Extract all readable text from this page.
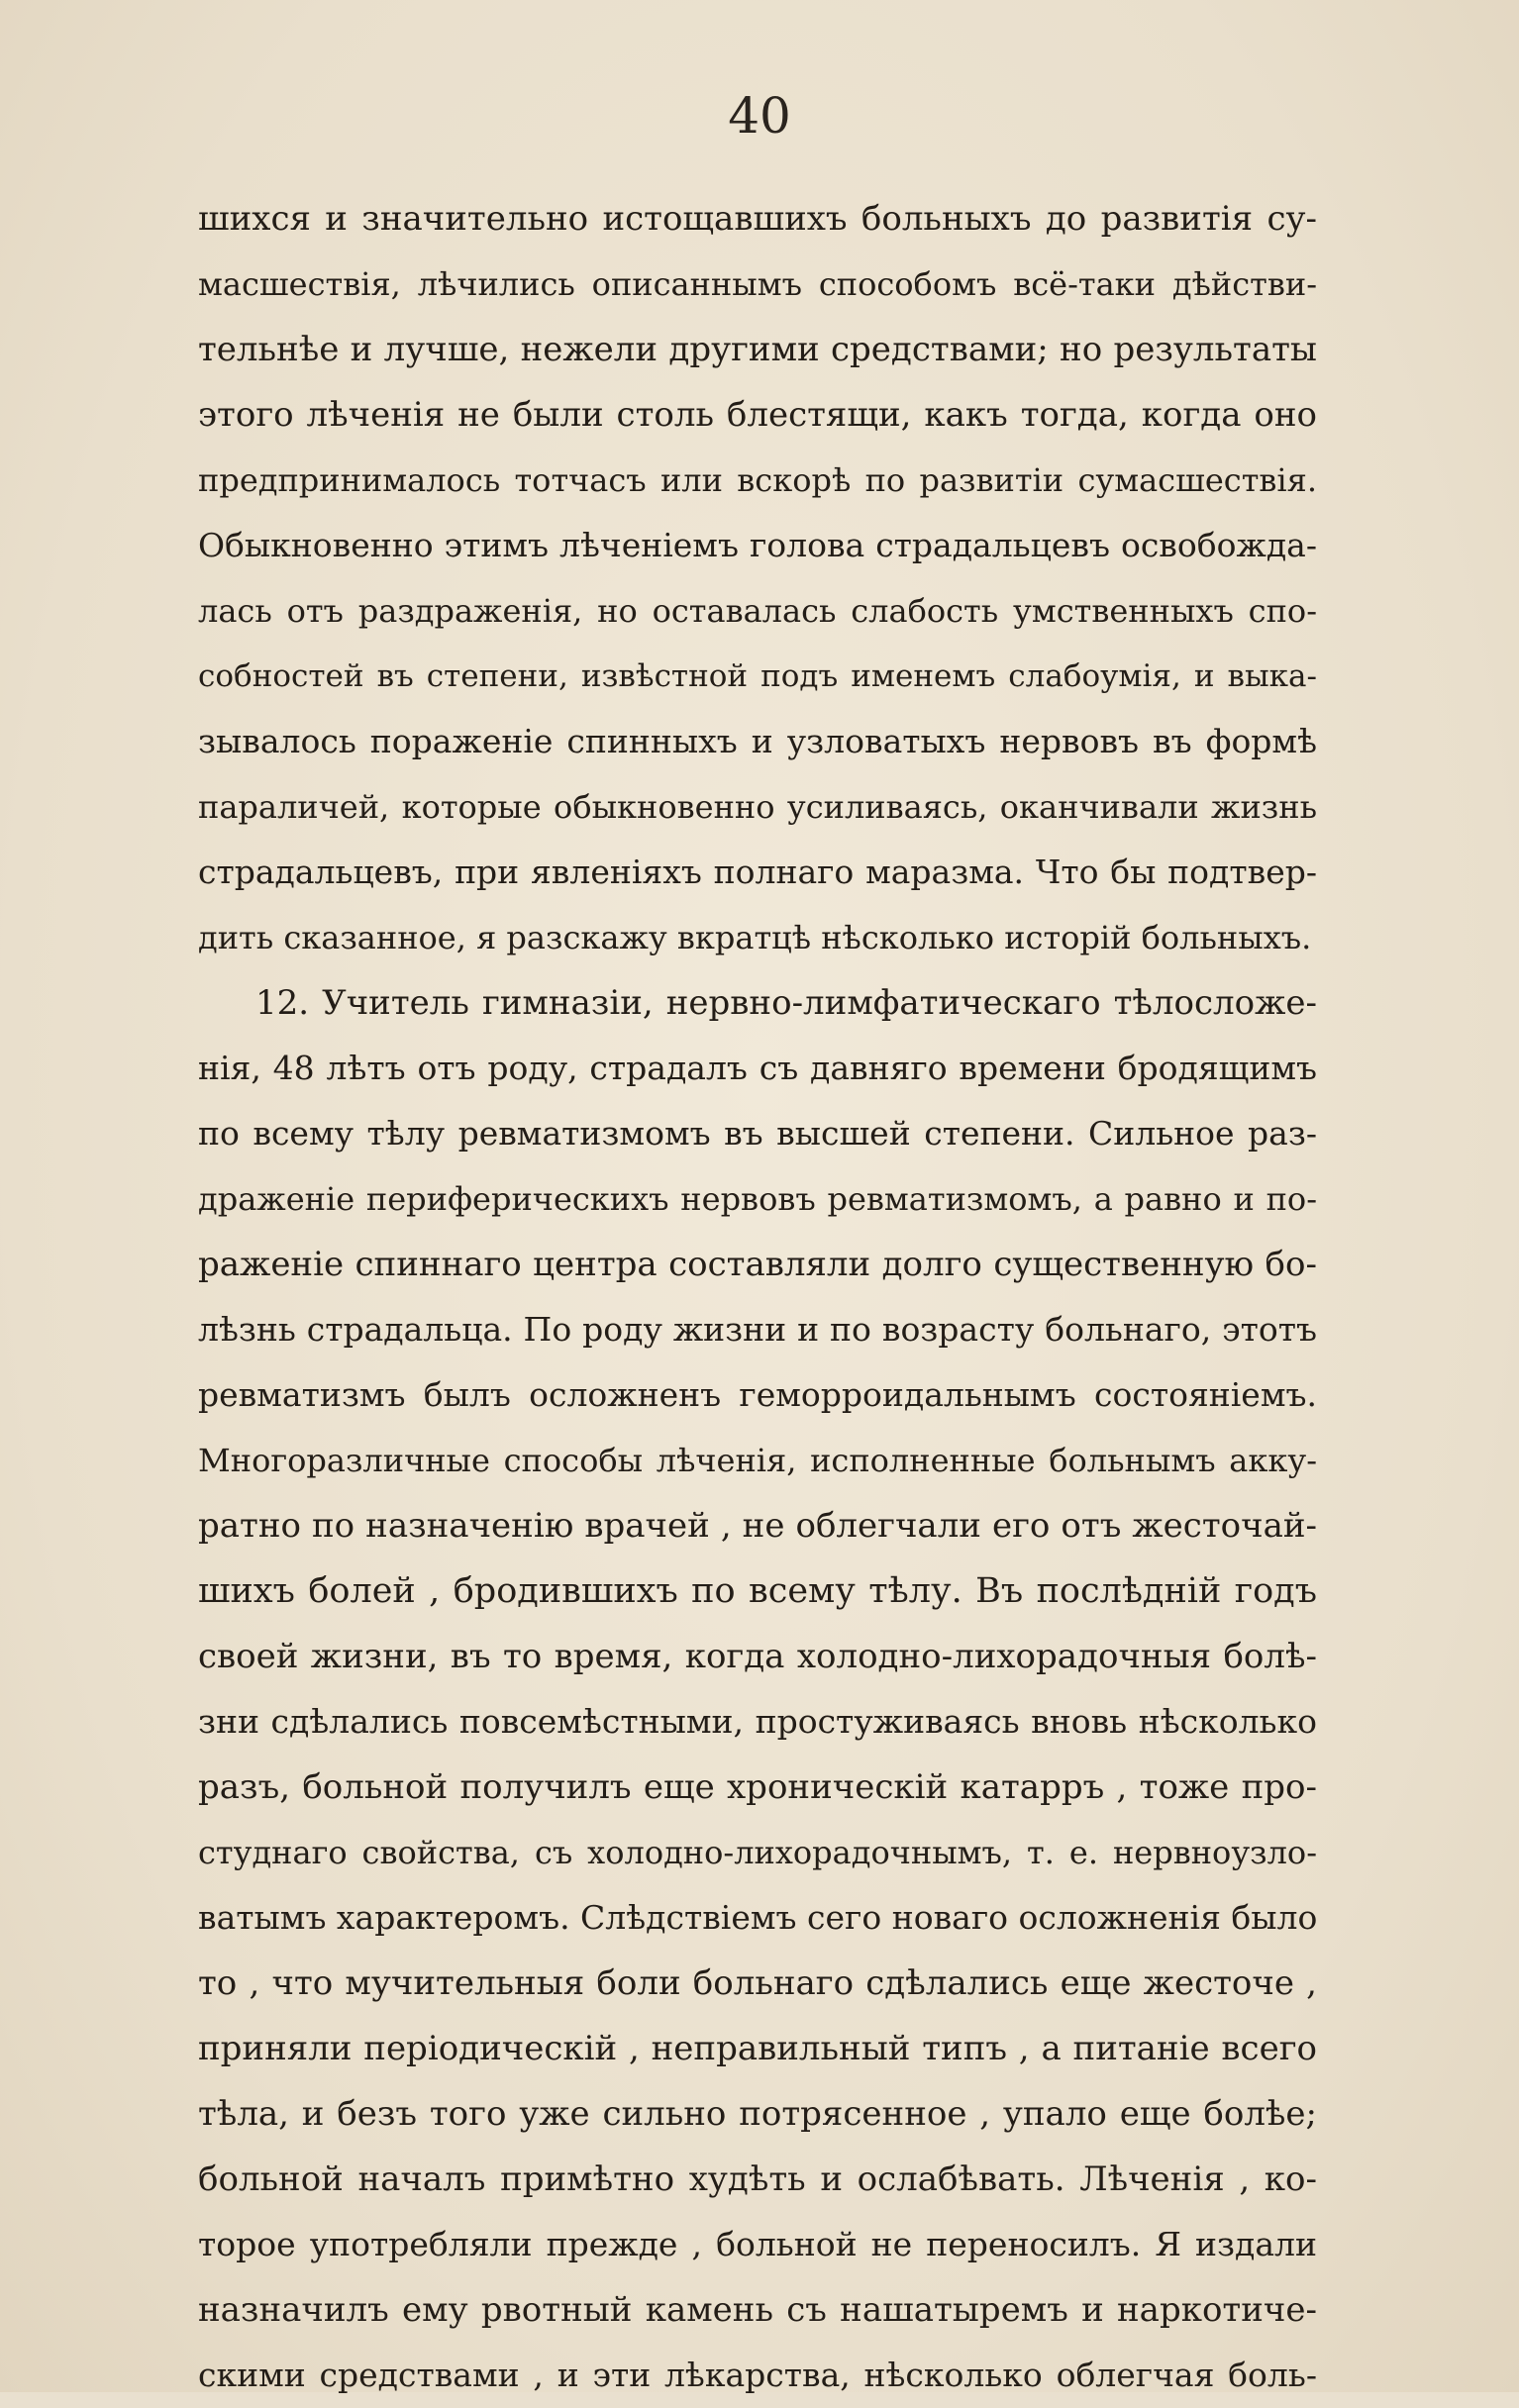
40
шихся и значительно истощавшихъ больныхъ до развитія су-
масшествія, лѣчились описаннымъ способомъ всё-таки дѣйстви-
тельнѣе и лучше, нежели другими средствами; но результаты
этого лѣченія не были столь блестящи, какъ тогда, когда оно
предпринималось тотчасъ или вскорѣ по развитіи сумасшествія.
Обыкновенно этимъ лѣченіемъ голова страдальцевъ освобожда-
лась отъ раздраженія, но оставалась слабость умственныхъ спо-
собностей въ степени, извѣстной подъ именемъ слабоумія, и выка-
зывалось пораженіе спинныхъ и узловатыхъ нервовъ въ формѣ
параличей, которые обыкновенно усиливаясь, оканчивали жизнь
страдальцевъ, при явленіяхъ полнаго маразма. Что бы подтвер-
дить сказанное, я разскажу вкратцѣ нѣсколько исторій больныхъ.
12. Учитель гимназіи, нервно-лимфатическаго тѣлосложе-
нія, 48 лѣтъ отъ роду, страдалъ съ давняго времени бродящимъ
по всему тѣлу ревматизмомъ въ высшей степени. Сильное раз-
драженіе периферическихъ нервовъ ревматизмомъ, а равно и по-
раженіе спиннаго центра составляли долго существенную бо-
лѣзнь страдальца. По роду жизни и по возрасту больнаго, этотъ
ревматизмъ былъ осложненъ геморроидальнымъ состояніемъ.
Многоразличные способы лѣченія, исполненные больнымъ акку-
ратно по назначенію врачей , не облегчали его отъ жесточай-
шихъ болей , бродившихъ по всему тѣлу. Въ послѣдній годъ
своей жизни, въ то время, когда холодно-лихорадочныя болѣ-
зни сдѣлались повсемѣстными, простуживаясь вновь нѣсколько
разъ, больной получилъ еще хроническій катарръ , тоже про-
студнаго свойства, съ холодно-лихорадочнымъ, т. е. нервноузло-
ватымъ характеромъ. Слѣдствіемъ сего новаго осложненія было
то , что мучительныя боли больнаго сдѣлались еще жесточе ,
приняли періодическій , неправильный типъ , а питаніе всего
тѣла, и безъ того уже сильно потрясенное , упало еще болѣе;
больной началъ примѣтно худѣть и ослабѣвать. Лѣченія , ко-
торое употребляли прежде , больной не переносилъ. Я издали
назначилъ ему рвотный камень съ нашатыремъ и наркотиче-
скими средствами , и эти лѣкарства, нѣсколько облегчая боль-
